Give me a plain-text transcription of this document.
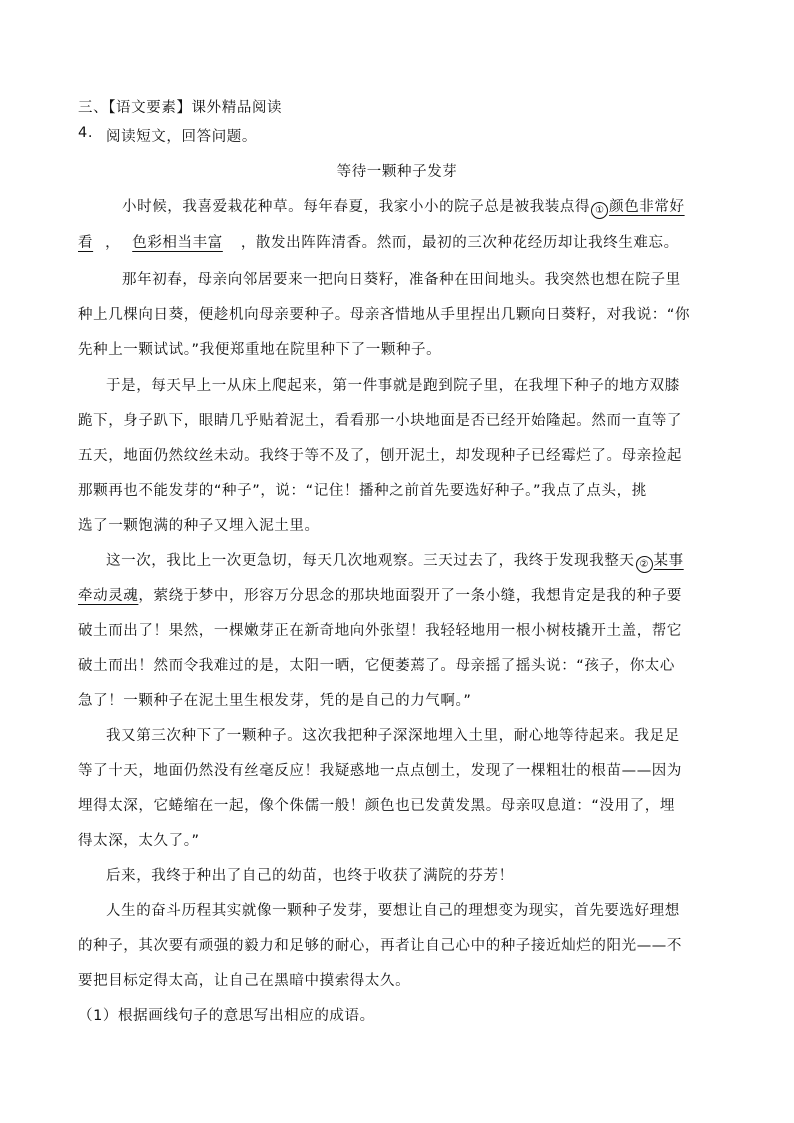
三、【语文要素】课外精品阅读
4. 阅读短文，回答问题。
等待一颗种子发芽
小时候，我喜爱栽花种草。每年春夏，我家小小的院子总是被我装点得 ① 颜色非常好
看 ， 色彩相当丰富 ，散发出阵阵清香。然而，最初的三次种花经历却让我终生难忘。
那年初春，母亲向邻居要来一把向日葵籽，准备种在田间地头。我突然也想在院子里
种上几棵向日葵，便趁机向母亲要种子。母亲吝惜地从手里捏出几颗向日葵籽，对我说：“你
先种上一颗试试。”我便郑重地在院里种下了一颗种子。
于是，每天早上一从床上爬起来，第一件事就是跑到院子里，在我埋下种子的地方双膝
跪下，身子趴下，眼睛几乎贴着泥土，看看那一小块地面是否已经开始隆起。然而一直等了
五天，地面仍然纹丝未动。我终于等不及了，刨开泥土，却发现种子已经霉烂了。母亲捡起
那颗再也不能发芽的“种子”，说：“记住！播种之前首先要选好种子。”我点了点头，挑
选了一颗饱满的种子又埋入泥土里。
这一次，我比上一次更急切，每天几次地观察。三天过去了，我终于发现我整天 ② 某事
牵动灵魂，萦绕于梦中，形容万分思念的那块地面裂开了一条小缝，我想肯定是我的种子要
破土而出了！果然，一棵嫩芽正在新奇地向外张望！我轻轻地用一根小树枝撬开土盖，帮它
破土而出！然而令我难过的是，太阳一晒，它便萎蔫了。母亲摇了摇头说：“孩子，你太心
急了！一颗种子在泥土里生根发芽，凭的是自己的力气啊。”
我又第三次种下了一颗种子。这次我把种子深深地埋入土里，耐心地等待起来。我足足
等了十天，地面仍然没有丝毫反应！我疑惑地一点点刨土，发现了一棵粗壮的根苗——因为
埋得太深，它蜷缩在一起，像个侏儒一般！颜色也已发黄发黑。母亲叹息道：“没用了，埋
得太深，太久了。”
后来，我终于种出了自己的幼苗，也终于收获了满院的芬芳！
人生的奋斗历程其实就像一颗种子发芽，要想让自己的理想变为现实，首先要选好理想
的种子，其次要有顽强的毅力和足够的耐心，再者让自己心中的种子接近灿烂的阳光——不
要把目标定得太高，让自己在黑暗中摸索得太久。
（1）根据画线句子的意思写出相应的成语。
